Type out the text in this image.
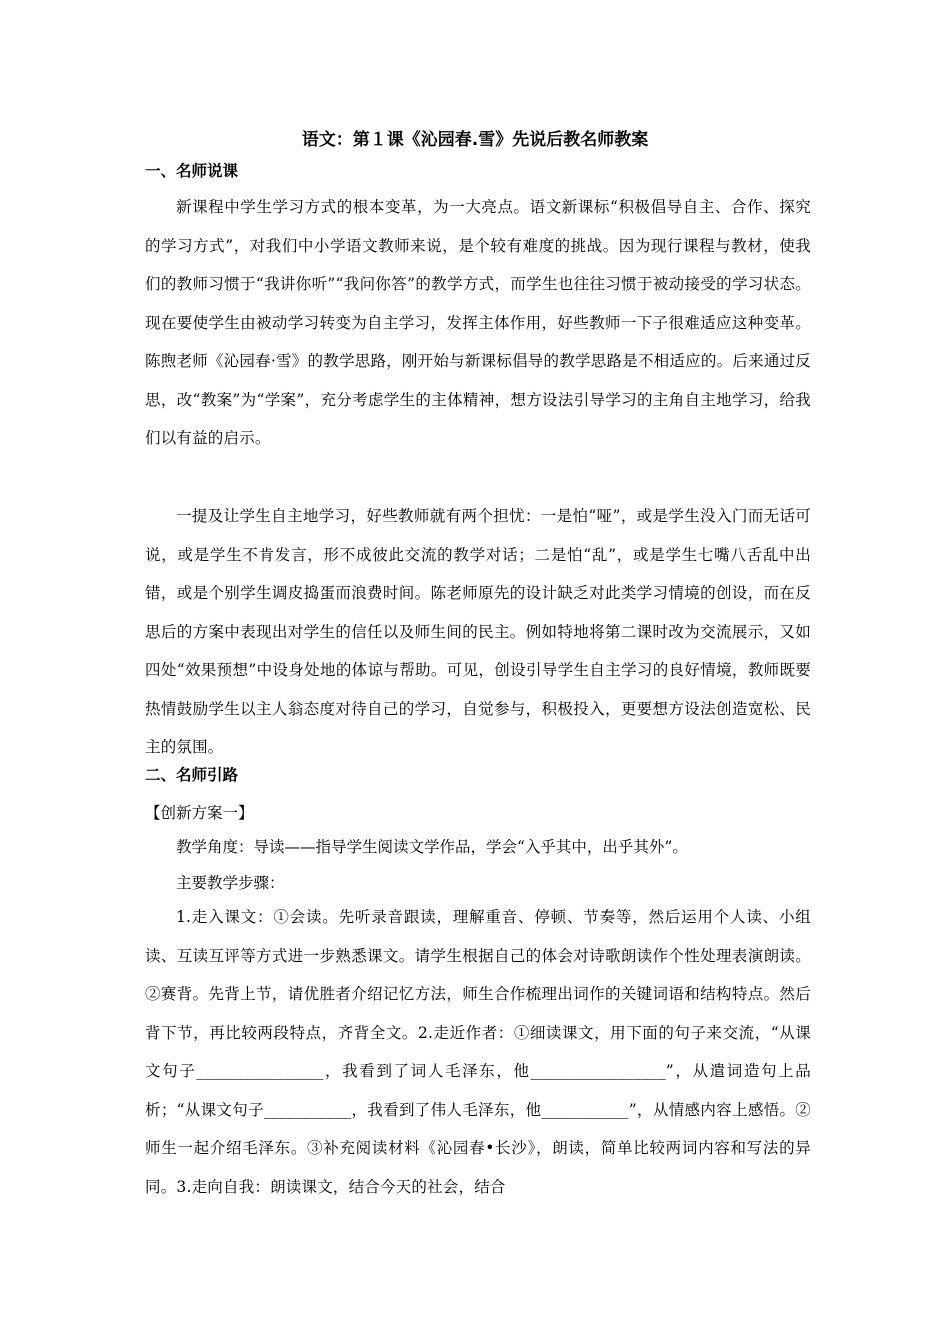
语文：第１课《沁园春.雪》先说后教名师教案
一、名师说课
新课程中学生学习方式的根本变革，为一大亮点。语文新课标“积极倡导自主、合作、探究的学习方式”，对我们中小学语文教师来说，是个较有难度的挑战。因为现行课程与教材，使我们的教师习惯于“我讲你听”“我问你答”的教学方式，而学生也往往习惯于被动接受的学习状态。现在要使学生由被动学习转变为自主学习，发挥主体作用，好些教师一下子很难适应这种变革。陈煦老师《沁园春·雪》的教学思路，刚开始与新课标倡导的教学思路是不相适应的。后来通过反思，改“教案”为“学案”，充分考虑学生的主体精神，想方设法引导学习的主角自主地学习，给我们以有益的启示。
一提及让学生自主地学习，好些教师就有两个担忧：一是怕“哑”，或是学生没入门而无话可说，或是学生不肯发言，形不成彼此交流的教学对话；二是怕“乱”，或是学生七嘴八舌乱中出错，或是个别学生调皮捣蛋而浪费时间。陈老师原先的设计缺乏对此类学习情境的创设，而在反思后的方案中表现出对学生的信任以及师生间的民主。例如特地将第二课时改为交流展示，又如四处“效果预想”中设身处地的体谅与帮助。可见，创设引导学生自主学习的良好情境，教师既要热情鼓励学生以主人翁态度对待自己的学习，自觉参与，积极投入，更要想方设法创造宽松、民主的氛围。
二、名师引路
【创新方案一】
教学角度：导读——指导学生阅读文学作品，学会“入乎其中，出乎其外”。
主要教学步骤：
1.走入课文：①会读。先听录音跟读，理解重音、停顿、节奏等，然后运用个人读、小组读、互读互评等方式进一步熟悉课文。请学生根据自己的体会对诗歌朗读作个性处理表演朗读。②赛背。先背上节，请优胜者介绍记忆方法，师生合作梳理出词作的关键词语和结构特点。然后背下节，再比较两段特点，齐背全文。2.走近作者：①细读课文，用下面的句子来交流，“从课文句子________________，我看到了词人毛泽东，他_________________”，从遣词造句上品析；“从课文句子___________，我看到了伟人毛泽东，他___________”，从情感内容上感悟。②师生一起介绍毛泽东。③补充阅读材料《沁园春•长沙》，朗读，简单比较两词内容和写法的异同。3.走向自我：朗读课文，结合今天的社会，结合
